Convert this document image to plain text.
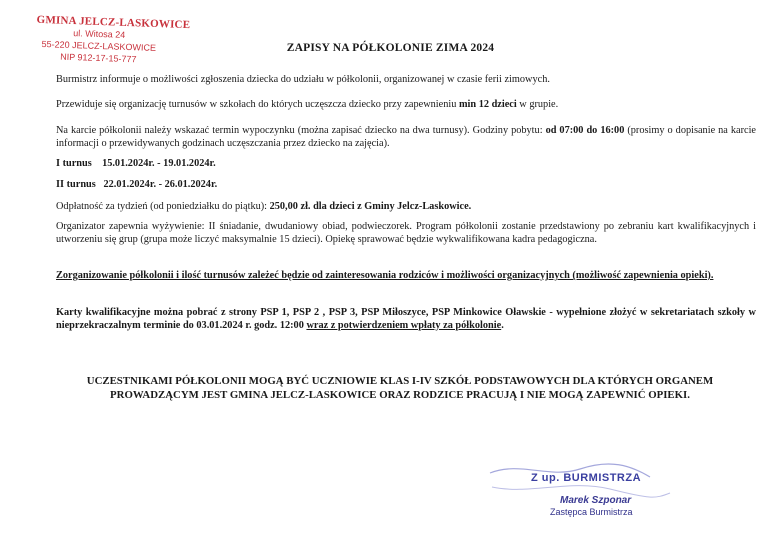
GMINA JELCZ-LASKOWICE
ul. Witosa 24
55-220 JELCZ-LASKOWICE
NIP 912-17-15-777
ZAPISY NA PÓŁKOLONIE ZIMA 2024
Burmistrz informuje o możliwości zgłoszenia dziecka do udziału w półkolonii, organizowanej w czasie ferii zimowych.
Przewiduje się organizację turnusów w szkołach do których uczęszcza dziecko przy zapewnieniu min 12 dzieci w grupie.
Na karcie półkolonii należy wskazać termin wypoczynku (można zapisać dziecko na dwa turnusy). Godziny pobytu: od 07:00 do 16:00 (prosimy o dopisanie na karcie informacji o przewidywanych godzinach uczęszczania przez dziecko na zajęcia).
I turnus    15.01.2024r. - 19.01.2024r.
II turnus   22.01.2024r. - 26.01.2024r.
Odpłatność za tydzień (od poniedziałku do piątku): 250,00 zł. dla dzieci z Gminy Jelcz-Laskowice.
Organizator zapewnia wyżywienie: II śniadanie, dwudaniowy obiad, podwieczorek. Program półkolonii zostanie przedstawiony po zebraniu kart kwalifikacyjnych i utworzeniu się grup (grupa może liczyć maksymalnie 15 dzieci). Opiekę sprawować będzie wykwalifikowana kadra pedagogiczna.
Zorganizowanie półkolonii i ilość turnusów zależeć będzie od zainteresowania rodziców i możliwości organizacyjnych (możliwość zapewnienia opieki).
Karty kwalifikacyjne można pobrać z strony PSP 1, PSP 2 , PSP 3, PSP Miłoszyce, PSP Minkowice Oławskie - wypełnione złożyć w sekretariatach szkoły w nieprzekraczalnym terminie do 03.01.2024 r. godz. 12:00 wraz z potwierdzeniem wpłaty za półkolonie.
UCZESTNIKAMI PÓŁKOLONII MOGĄ BYĆ UCZNIOWIE KLAS I-IV SZKÓŁ PODSTAWOWYCH DLA KTÓRYCH ORGANEM PROWADZĄCYM JEST GMINA JELCZ-LASKOWICE ORAZ RODZICE PRACUJĄ I NIE MOGĄ ZAPEWNIĆ OPIEKI.
Z up. BURMISTRZA
Marek Szponar
Zastępca Burmistrza
